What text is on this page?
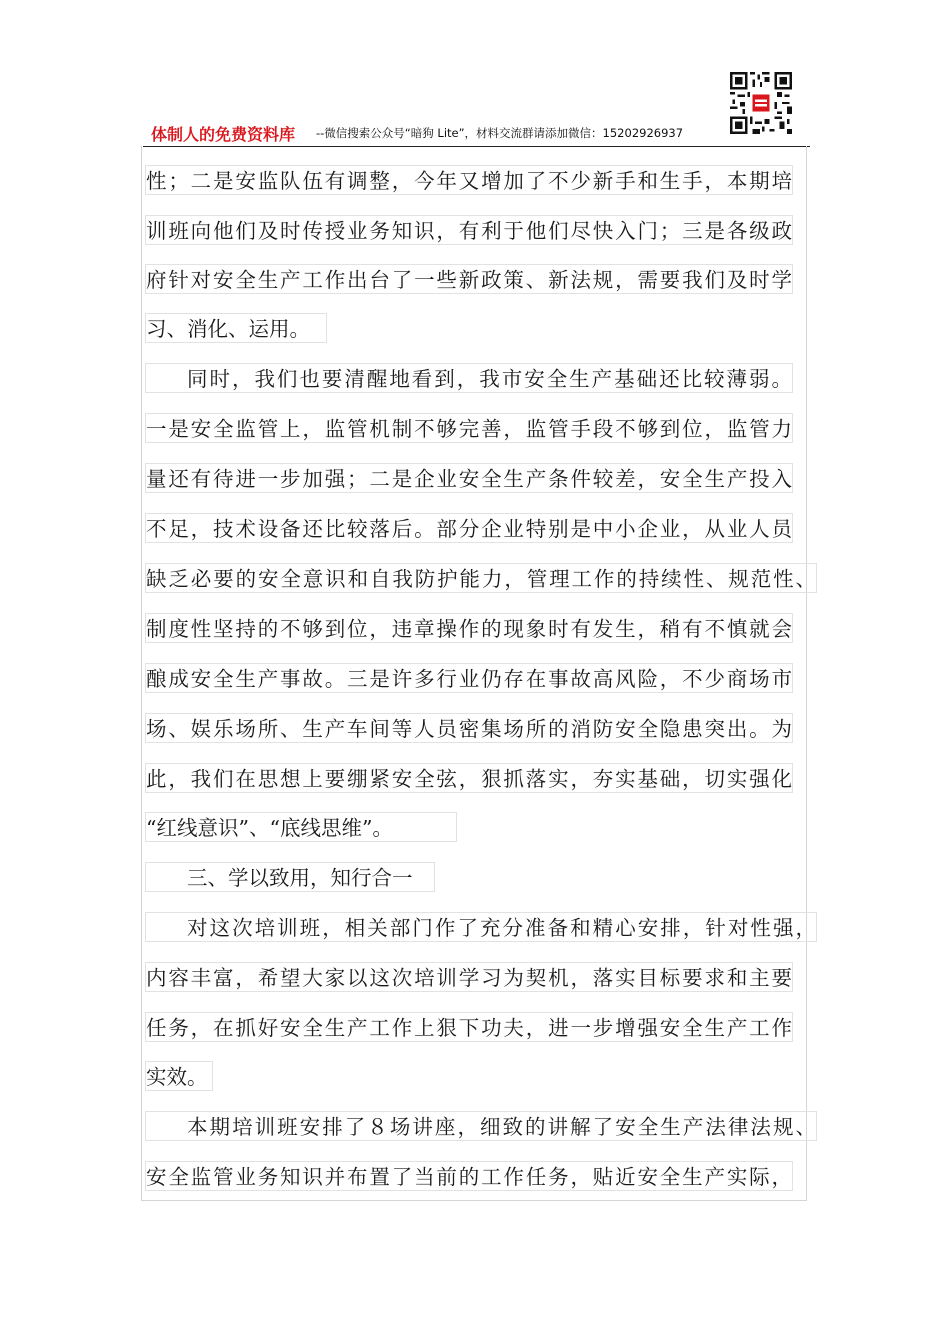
体制人的免费资料库 --微信搜索公众号“暗狗 Lite”，材料交流群请添加微信：15202926937
性；二是安监队伍有调整，今年又增加了不少新手和生手，本期培
训班向他们及时传授业务知识，有利于他们尽快入门；三是各级政
府针对安全生产工作出台了一些新政策、新法规，需要我们及时学
习、消化、运用。
同时，我们也要清醒地看到，我市安全生产基础还比较薄弱。
一是安全监管上，监管机制不够完善，监管手段不够到位，监管力
量还有待进一步加强；二是企业安全生产条件较差，安全生产投入
不足，技术设备还比较落后。部分企业特别是中小企业，从业人员
缺乏必要的安全意识和自我防护能力，管理工作的持续性、规范性、
制度性坚持的不够到位，违章操作的现象时有发生，稍有不慎就会
酿成安全生产事故。三是许多行业仍存在事故高风险，不少商场市
场、娱乐场所、生产车间等人员密集场所的消防安全隐患突出。为
此，我们在思想上要绷紧安全弦，狠抓落实，夯实基础，切实强化
“红线意识”、“底线思维”。
三、学以致用，知行合一
对这次培训班，相关部门作了充分准备和精心安排，针对性强，
内容丰富，希望大家以这次培训学习为契机，落实目标要求和主要
任务，在抓好安全生产工作上狠下功夫，进一步增强安全生产工作
实效。
本期培训班安排了８场讲座，细致的讲解了安全生产法律法规、
安全监管业务知识并布置了当前的工作任务，贴近安全生产实际，
